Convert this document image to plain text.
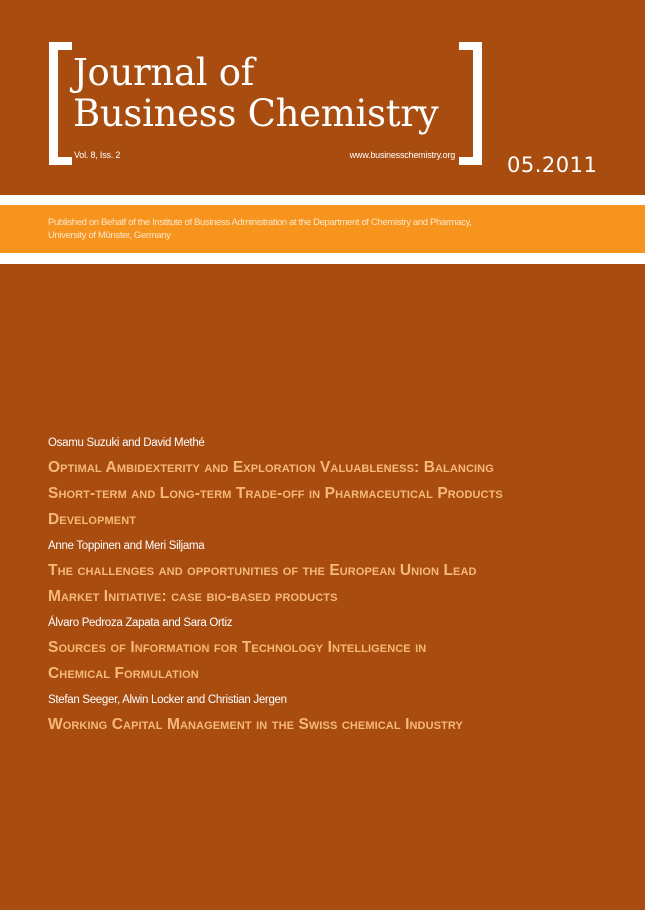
Journal of
Business Chemistry
Vol. 8, Iss. 2	www.businesschemistry.org 05.2011
Published on Behalf of the Institute of Business Administration at the Department of Chemistry and Pharmacy,
University of Münster, Germany
Osamu Suzuki and David Methé
Optimal Ambidexterity and Exploration Valuableness: Balancing
Short-term and Long-term Trade-off in Pharmaceutical Products
Development
Anne Toppinen and Meri Siljama
The challenges and opportunities of the European Union Lead
Market Initiative: case bio-based products
Álvaro Pedroza Zapata and Sara Ortiz
Sources of Information for Technology Intelligence in
Chemical Formulation
Stefan Seeger, Alwin Locker and Christian Jergen
Working Capital Management in the Swiss chemical Industry
